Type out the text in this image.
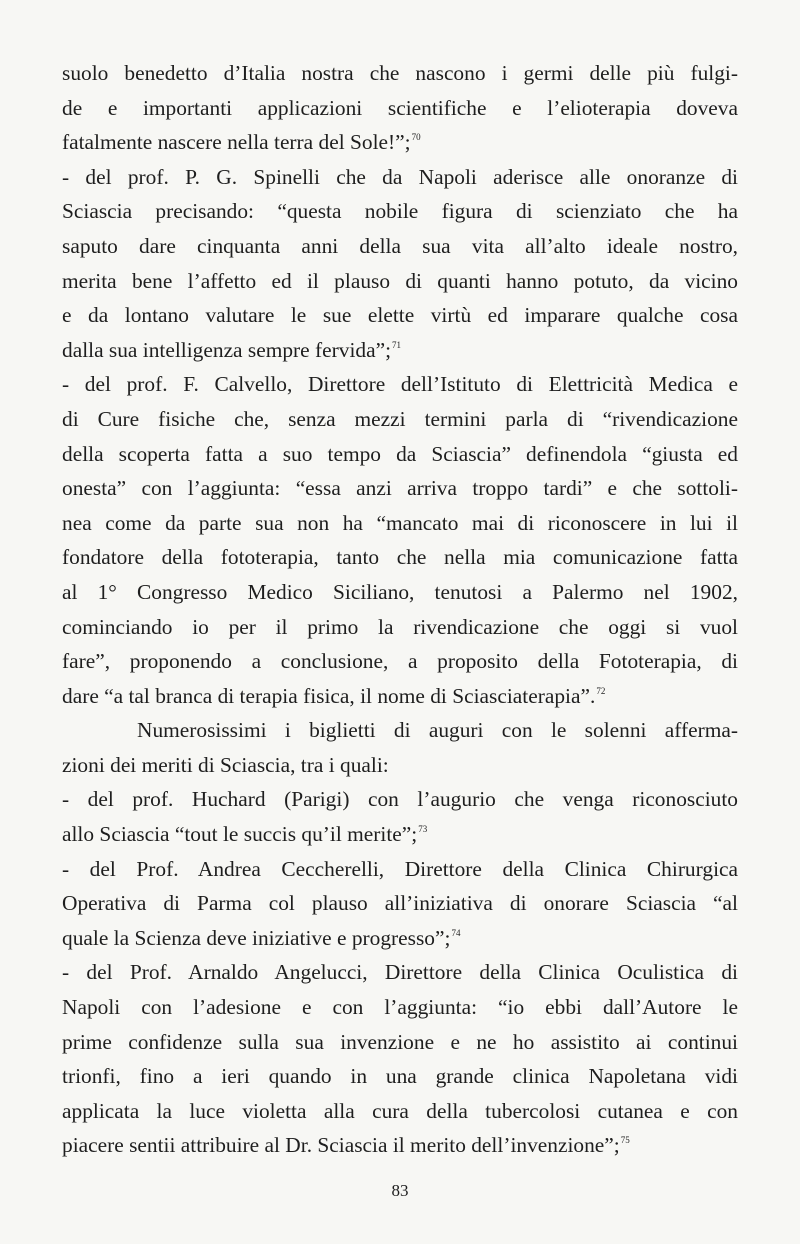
suolo benedetto d’Italia nostra che nascono i germi delle più fulgi-
de e importanti applicazioni scientifiche e l’elioterapia doveva
fatalmente nascere nella terra del Sole!”;$^{70}$
- del prof. P. G. Spinelli che da Napoli aderisce alle onoranze di
Sciascia precisando: “questa nobile figura di scienziato che ha
saputo dare cinquanta anni della sua vita all’alto ideale nostro,
merita bene l’affetto ed il plauso di quanti hanno potuto, da vicino
e da lontano valutare le sue elette virtù ed imparare qualche cosa
dalla sua intelligenza sempre fervida”;$^{71}$
- del prof. F. Calvello, Direttore dell’Istituto di Elettricità Medica e
di Cure fisiche che, senza mezzi termini parla di “rivendicazione
della scoperta fatta a suo tempo da Sciascia” definendola “giusta ed
onesta” con l’aggiunta: “essa anzi arriva troppo tardi” e che sottoli-
nea come da parte sua non ha “mancato mai di riconoscere in lui il
fondatore della fototerapia, tanto che nella mia comunicazione fatta
al 1° Congresso Medico Siciliano, tenutosi a Palermo nel 1902,
cominciando io per il primo la rivendicazione che oggi si vuol
fare”, proponendo a conclusione, a proposito della Fototerapia, di
dare “a tal branca di terapia fisica, il nome di Sciasciaterapia”.$^{72}$
Numerosissimi i biglietti di auguri con le solenni afferma-
zioni dei meriti di Sciascia, tra i quali:
- del prof. Huchard (Parigi) con l’augurio che venga riconosciuto
allo Sciascia “tout le succis qu’il merite”;$^{73}$
- del Prof. Andrea Ceccherelli, Direttore della Clinica Chirurgica
Operativa di Parma col plauso all’iniziativa di onorare Sciascia “al
quale la Scienza deve iniziative e progresso”;$^{74}$
- del Prof. Arnaldo Angelucci, Direttore della Clinica Oculistica di
Napoli con l’adesione e con l’aggiunta: “io ebbi dall’Autore le
prime confidenze sulla sua invenzione e ne ho assistito ai continui
trionfi, fino a ieri quando in una grande clinica Napoletana vidi
applicata la luce violetta alla cura della tubercolosi cutanea e con
piacere sentii attribuire al Dr. Sciascia il merito dell’invenzione”;$^{75}$
83
